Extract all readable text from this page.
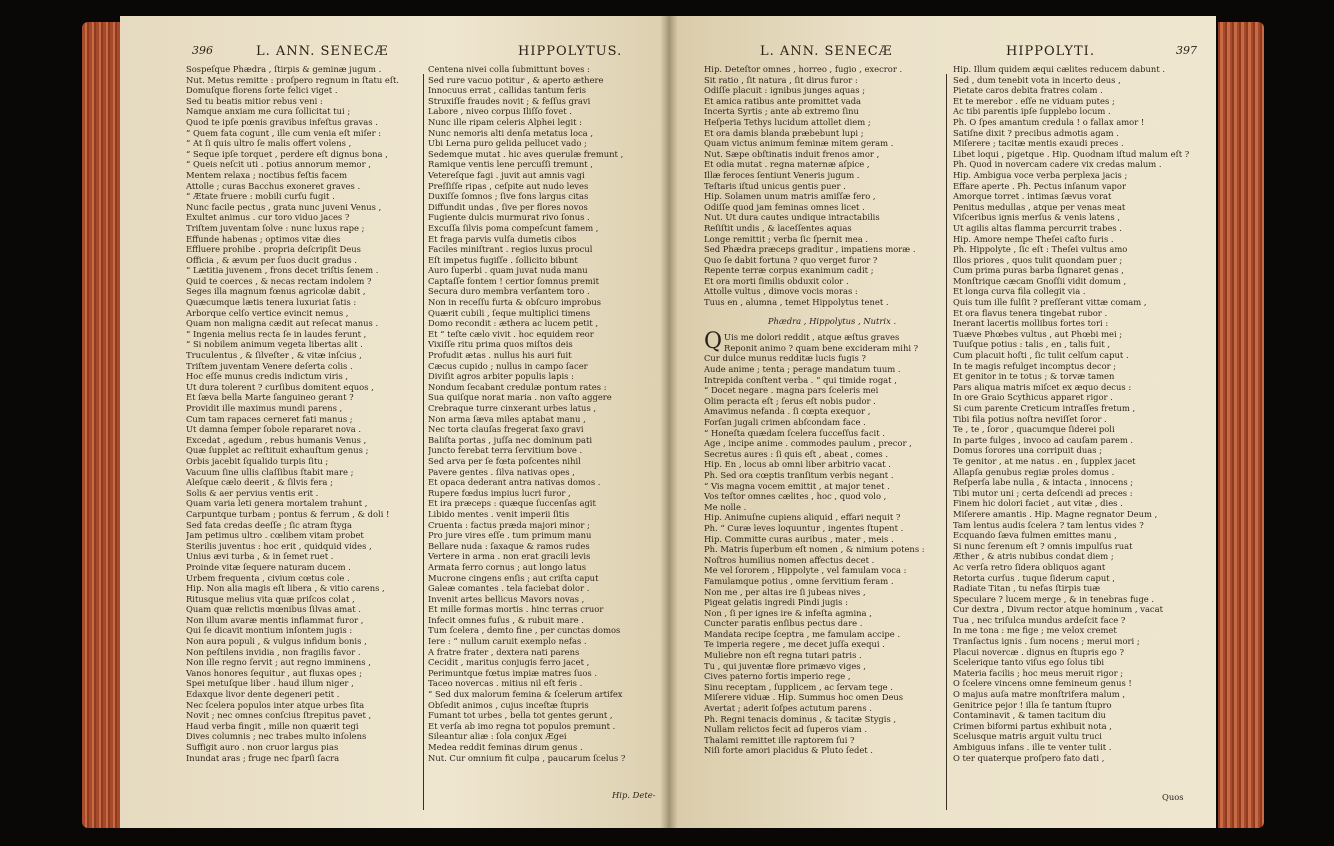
396	L. ANN. SENECÆ	HIPPOLYTUS.
Sospeſque Phædra , ſtirpis & geminæ jugum .
Nut. Metus remitte : proſpero regnum in ſtatu eſt.
Domuſque florens ſorte felici viget .
Sed tu beatis mitior rebus veni :
Namque anxiam me cura ſollicitat tui ;
Quod te ipſe pœnis gravibus infeſtus gravas .
“ Quem fata cogunt , ille cum venia eſt miſer :
“ At ſi quis ultro ſe malis offert volens ,
“ Seque ipſe torquet , perdere eſt dignus bona ,
“ Queis neſcit uti . potius annorum memor ,
Mentem relaxa ; noctibus feſtis facem
Attolle ; curas Bacchus exoneret graves .
“ Ætate fruere : mobili curſu fugit .
Nunc facile pectus , grata nunc juveni Venus ,
Exultet animus . cur toro viduo jaces ?
Triſtem juventam ſolve : nunc luxus rape ;
Effunde habenas ; optimos vitæ dies
Effluere prohibe . propria deſcripſit Deus
Officia , & ævum per ſuos ducit gradus .
“ Lætitia juvenem , frons decet triſtis ſenem .
Quid te coerces , & necas rectam indolem ?
Seges illa magnum fœnus agricolæ dabit ,
Quæcumque lætis tenera luxuriat ſatis :
Arborque celſo vertice evincit nemus ,
Quam non maligna cædit aut reſecat manus .
“ Ingenia melius recta ſe in laudes ferunt ,
“ Si nobilem animum vegeta libertas alit .
Truculentus , & ſilveſter , & vitæ inſcius ,
Triſtem juventam Venere deſerta colis .
Hoc eſſe munus credis indictum viris ,
Ut dura tolerent ? curſibus domitent equos ,
Et ſæva bella Marte ſanguineo gerant ?
Providit ille maximus mundi parens ,
Cum tam rapaces cerneret fati manus ;
Ut damna ſemper ſobole repararet nova .
Excedat , agedum , rebus humanis Venus ,
Quæ ſupplet ac reſtituit exhauſtum genus ;
Orbis jacebit ſqualido turpis ſitu ;
Vacuum ſine ullis claſſibus ſtabit mare ;
Aleſque cælo deerit , & ſilvis fera ;
Solis & aer pervius ventis erit .
Quam varia leti genera mortalem trahunt ,
Carpuntque turbam ; pontus & ferrum , & doli !
Sed fata credas deeſſe ; ſic atram ſtyga
Jam petimus ultro . cœlibem vitam probet
Sterilis juventus : hoc erit , quidquid vides ,
Unius ævi turba , & in ſemet ruet .
Proinde vitæ ſequere naturam ducem .
Urbem frequenta , civium cœtus cole .
Hip. Non alia magis eſt libera , & vitio carens ,
Ritusque melius vita quæ priſcos colat ,
Quam quæ relictis mœnibus ſilvas amat .
Non illum avaræ mentis inflammat furor ,
Qui ſe dicavit montium inſontem jugis :
Non aura populi , & vulgus infidum bonis ,
Non peſtilens invidia , non fragilis favor .
Non ille regno ſervit ; aut regno imminens ,
Vanos honores ſequitur , aut fluxas opes ;
Spei metuſque liber . haud illum niger ,
Edaxque livor dente degeneri petit .
Nec ſcelera populos inter atque urbes ſita
Novit ; nec omnes conſcius ſtrepitus pavet ,
Haud verba fingit , mille non quærit tegi
Dives columnis ; nec trabes multo inſolens
Suffigit auro . non cruor largus pias
Inundat aras ; fruge nec ſparſi ſacra
Centena nivei colla ſubmittunt boves :
Sed rure vacuo potitur , & aperto æthere
Innocuus errat , callidas tantum feris
Struxiſſe fraudes novit ; & feſſus gravi
Labore , niveo corpus Iliſſo fovet .
Nunc ille ripam celeris Alphei legit :
Nunc nemoris alti denſa metatus loca ,
Ubi Lerna puro gelida pellucet vado ;
Sedemque mutat . hic aves querulæ fremunt ,
Ramique ventis lene percuſſi tremunt ,
Vetereſque fagi . juvit aut amnis vagi
Preſſiſſe ripas , ceſpite aut nudo leves
Duxiſſe ſomnos ; ſive fons largus citas
Diffundit undas , ſive per flores novos
Fugiente dulcis murmurat rivo ſonus .
Excuſſa ſilvis poma compeſcunt famem ,
Et fraga parvis vulſa dumetis cibos
Faciles miniſtrant . regios luxus procul
Eſt impetus fugiſſe . ſollicito bibunt
Auro ſuperbi . quam juvat nuda manu
Captaſſe fontem ! certior ſomnus premit
Secura duro membra verſantem toro .
Non in receſſu furta & obſcuro improbus
Quærit cubili , ſeque multiplici timens
Domo recondit : æthera ac lucem petit ,
Et “ teſte cælo vivit . hoc equidem reor
Vixiſſe ritu prima quos miſtos deis
Profudit ætas . nullus his auri fuit
Cæcus cupido ; nullus in campo ſacer
Diviſit agros arbiter populis lapis :
Nondum ſecabant credulæ pontum rates :
Sua quiſque norat maria . non vaſto aggere
Crebraque turre cinxerant urbes latus ,
Non arma ſæva miles aptabat manu ,
Nec torta clauſas fregerat ſaxo gravi
Baliſta portas , juſſa nec dominum pati
Juncto ferebat terra ſervitium bove .
Sed arva per ſe fœta poſcentes nihil
Pavere gentes . ſilva nativas opes ,
Et opaca dederant antra nativas domos .
Rupere fœdus impius lucri furor ,
Et ira præceps : quæque ſuccenſas agit
Libido mentes . venit imperii ſitis
Cruenta : factus præda majori minor ;
Pro jure vires eſſe . tum primum manu
Bellare nuda : ſaxaque & ramos rudes
Vertere in arma . non erat gracili levis
Armata ferro cornus ; aut longo latus
Mucrone cingens enſis ; aut criſta caput
Galeæ comantes . tela faciebat dolor .
Invenit artes bellicus Mavors novas ,
Et mille formas mortis . hinc terras cruor
Infecit omnes fuſus , & rubuit mare .
Tum ſcelera , demto fine , per cunctas domos
Iere : “ nullum caruit exemplo nefas .
A fratre frater , dextera nati parens
Cecidit , maritus conjugis ferro jacet ,
Perimuntque fœtus impiæ matres ſuos .
Taceo novercas . mitius nil eſt feris .
“ Sed dux malorum femina & ſcelerum artifex
Obſedit animos , cujus inceſtæ ſtupris
Fumant tot urbes , bella tot gentes gerunt ,
Et verſa ab imo regna tot populos premunt .
Sileantur aliæ : ſola conjux Ægei
Medea reddit feminas dirum genus .
Nut. Cur omnium fit culpa , paucarum ſcelus ?
Hip. Dete-
L. ANN. SENECÆ	HIPPOLYTI.	397
Hip. Deteſtor omnes , horreo , fugio , execror .
Sit ratio , ſit natura , ſit dirus furor :
Odiſſe placuit : ignibus junges aquas ;
Et amica ratibus ante promittet vada
Incerta Syrtis ; ante ab extremo ſinu
Heſperia Tethys lucidum attollet diem ;
Et ora damis blanda præbebunt lupi ;
Quam victus animum feminæ mitem geram .
Nut. Sæpe obſtinatis induit frenos amor ,
Et odia mutat . regna maternæ aſpice ,
Illæ feroces ſentiunt Veneris jugum .
Teſtaris iſtud unicus gentis puer .
Hip. Solamen unum matris amiſſæ fero ,
Odiſſe quod jam feminas omnes licet .
Nut. Ut dura cautes undique intractabilis
Reſiſtit undis , & laceſſentes aquas
Longe remittit ; verba ſic ſpernit mea .
Sed Phædra præceps graditur , impatiens moræ .
Quo ſe dabit fortuna ? quo verget furor ?
Repente terræ corpus exanimum cadit ;
Et ora morti ſimilis obduxit color .
Attolle vultus , dimove vocis moras :
Tuus en , alumna , temet Hippolytus tenet .
Phædra , Hippolytus , Nutrix .
Q Uis me dolori reddit , atque æſtus graves
Reponit animo ? quam bene excideram mihi ?
Cur dulce munus redditæ lucis fugis ?
Aude anime ; tenta ; perage mandatum tuum .
Intrepida conſtent verba . “ qui timide rogat ,
“ Docet negare . magna pars ſceleris mei
Olim peracta eſt ; ſerus eſt nobis pudor .
Amavimus nefanda . ſi cœpta exequor ,
Forſan jugali crimen abſcondam face .
“ Honeſta quædam ſcelera ſucceſſus facit .
Age , incipe anime . commodes paulum , precor ,
Secretus aures : ſi quis eſt , abeat , comes .
Hip. En , locus ab omni liber arbitrio vacat .
Ph. Sed ora cœptis tranſitum verbis negant .
“ Vis magna vocem emittit , at major tenet .
Vos teſtor omnes cælites , hoc , quod volo ,
Me nolle .
Hip. Animuſne cupiens aliquid , effari nequit ?
Ph. “ Curæ leves loquuntur , ingentes ſtupent .
Hip. Committe curas auribus , mater , meis .
Ph. Matris ſuperbum eſt nomen , & nimium potens :
Noſtros humilius nomen affectus decet .
Me vel ſororem , Hippolyte , vel famulam voca :
Famulamque potius , omne ſervitium feram .
Non me , per altas ire ſi jubeas nives ,
Pigeat gelatis ingredi Pindi jugis :
Non , ſi per ignes ire & infeſta agmina ,
Cuncter paratis enſibus pectus dare .
Mandata recipe ſceptra , me famulam accipe .
Te imperia regere , me decet juſſa exequi .
Muliebre non eſt regna tutari patris .
Tu , qui juventæ flore primævo viges ,
Cives paterno fortis imperio rege ,
Sinu receptam , ſupplicem , ac ſervam tege .
Miſerere viduæ . Hip. Summus hoc omen Deus
Avertat ; aderit ſoſpes actutum parens .
Ph. Regni tenacis dominus , & tacitæ Stygis ,
Nullam relictos fecit ad ſuperos viam .
Thalami remittet ille raptorem ſui ?
Niſi forte amori placidus & Pluto ſedet .
Hip. Illum quidem æqui cælites reducem dabunt .
Sed , dum tenebit vota in incerto deus ,
Pietate caros debita fratres colam .
Et te merebor . eſſe ne viduam putes ;
Ac tibi parentis ipſe ſupplebo locum .
Ph. O ſpes amantum credula ! o fallax amor !
Satiſne dixit ? precibus admotis agam .
Miſerere ; tacitæ mentis exaudi preces .
Libet loqui , pigetque . Hip. Quodnam iſtud malum eſt ?
Ph. Quod in novercam cadere vix credas malum .
Hip. Ambigua voce verba perplexa jacis ;
Effare aperte . Ph. Pectus inſanum vapor
Amorque torret . intimas ſævus vorat
Penitus medullas , atque per venas meat
Viſceribus ignis merſus & venis latens ,
Ut agilis altas flamma percurrit trabes .
Hip. Amore nempe Theſei caſto furis .
Ph. Hippolyte , ſic eſt : Theſei vultus amo
Illos priores , quos tulit quondam puer ;
Cum prima puras barba ſignaret genas ,
Monſtrique cæcam Gnoſſii vidit domum ,
Et longa curva fila collegit via .
Quis tum ille fulſit ? preſſerant vittæ comam ,
Et ora flavus tenera tingebat rubor .
Inerant lacertis mollibus fortes tori :
Tuæve Phœbes vultus , aut Phœbi mei ;
Tuuſque potius : talis , en , talis fuit ,
Cum placuit hoſti , ſic tulit celſum caput .
In te magis refulget incomptus decor ;
Et genitor in te totus ; & torvæ tamen
Pars aliqua matris miſcet ex æquo decus :
In ore Graio Scythicus apparet rigor .
Si cum parente Creticum intraſſes fretum ,
Tibi fila potius noſtra neviſſet ſoror .
Te , te , ſoror , quacumque ſiderei poli
In parte fulges , invoco ad cauſam parem .
Domus ſorores una corripuit duas ;
Te genitor , at me natus . en , ſupplex jacet
Allapſa genubus regiæ proles domus .
Reſperſa labe nulla , & intacta , innocens ;
Tibi mutor uni ; certa deſcendi ad preces :
Finem hic dolori faciet , aut vitæ , dies .
Miſerere amantis . Hip. Magne regnator Deum ,
Tam lentus audis ſcelera ? tam lentus vides ?
Ecquando ſæva fulmen emittes manu ,
Si nunc ſerenum eſt ? omnis impulſus ruat
Æther , & atris nubibus condat diem ;
Ac verſa retro ſidera obliquos agant
Retorta curſus . tuque ſiderum caput ,
Radiate Titan , tu nefas ſtirpis tuæ
Speculare ? lucem merge , & in tenebras fuge .
Cur dextra , Divum rector atque hominum , vacat
Tua , nec triſulca mundus ardeſcit face ?
In me tona : me fige ; me velox cremet
Tranſactus ignis . ſum nocens ; merui mori ;
Placui novercæ . dignus en ſtupris ego ?
Scelerique tanto viſus ego ſolus tibi
Materia facilis ; hoc meus meruit rigor ;
O ſcelere vincens omne femineum genus !
O majus auſa matre monſtrifera malum ,
Genitrice pejor ! illa ſe tantum ſtupro
Contaminavit , & tamen tacitum diu
Crimen biformi partus exhibuit nota ,
Scelusque matris arguit vultu truci
Ambiguus infans . ille te venter tulit .
O ter quaterque proſpero fato dati ,
Quos
